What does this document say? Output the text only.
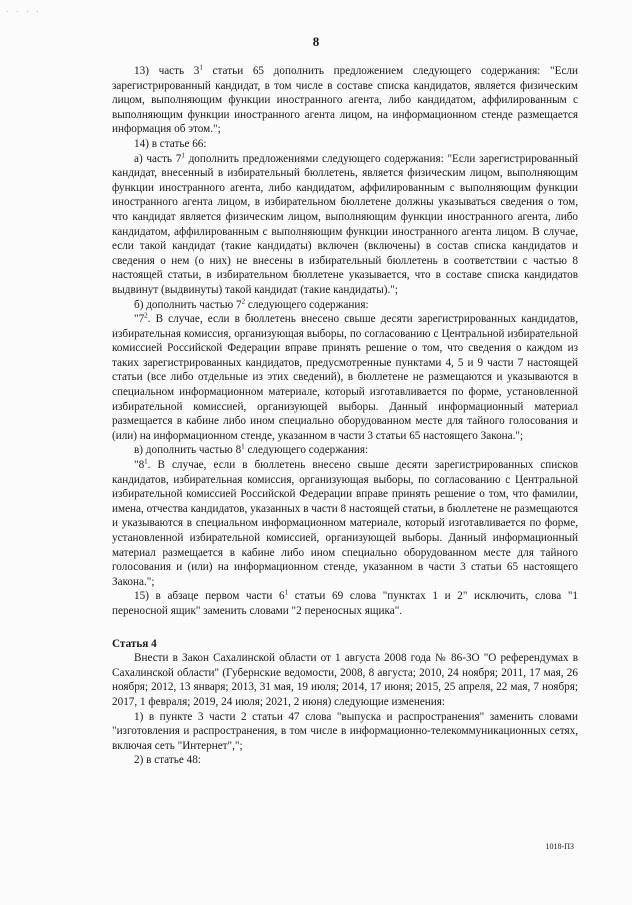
· · · ·
8

13) часть $3^1$ статьи 65 дополнить предложением следующего содержания: "Если зарегистрированный кандидат, в том числе в составе списка кандидатов, является физическим лицом, выполняющим функции иностранного агента, либо кандидатом, аффилированным с выполняющим функции иностранного агента лицом, на информационном стенде размещается информация об этом.";

14) в статье 66:

а) часть $7^1$ дополнить предложениями следующего содержания: "Если зарегистрированный кандидат, внесенный в избирательный бюллетень, является физическим лицом, выполняющим функции иностранного агента, либо кандидатом, аффилированным с выполняющим функции иностранного агента лицом, в избирательном бюллетене должны указываться сведения о том, что кандидат является физическим лицом, выполняющим функции иностранного агента, либо кандидатом, аффилированным с выполняющим функции иностранного агента лицом. В случае, если такой кандидат (такие кандидаты) включен (включены) в состав списка кандидатов и сведения о нем (о них) не внесены в избирательный бюллетень в соответствии с частью 8 настоящей статьи, в избирательном бюллетене указывается, что в составе списка кандидатов выдвинут (выдвинуты) такой кандидат (такие кандидаты).";

б) дополнить частью $7^2$ следующего содержания:

"$7^2$. В случае, если в бюллетень внесено свыше десяти зарегистрированных кандидатов, избирательная комиссия, организующая выборы, по согласованию с Центральной избирательной комиссией Российской Федерации вправе принять решение о том, что сведения о каждом из таких зарегистрированных кандидатов, предусмотренные пунктами 4, 5 и 9 части 7 настоящей статьи (все либо отдельные из этих сведений), в бюллетене не размещаются и указываются в специальном информационном материале, который изготавливается по форме, установленной избирательной комиссией, организующей выборы. Данный информационный материал размещается в кабине либо ином специально оборудованном месте для тайного голосования и (или) на информационном стенде, указанном в части 3 статьи 65 настоящего Закона.";

в) дополнить частью $8^1$ следующего содержания:

"$8^1$. В случае, если в бюллетень внесено свыше десяти зарегистрированных списков кандидатов, избирательная комиссия, организующая выборы, по согласованию с Центральной избирательной комиссией Российской Федерации вправе принять решение о том, что фамилии, имена, отчества кандидатов, указанных в части 8 настоящей статьи, в бюллетене не размещаются и указываются в специальном информационном материале, который изготавливается по форме, установленной избирательной комиссией, организующей выборы. Данный информационный материал размещается в кабине либо ином специально оборудованном месте для тайного голосования и (или) на информационном стенде, указанном в части 3 статьи 65 настоящего Закона.";

15) в абзаце первом части $6^1$ статьи 69 слова "пунктах 1 и 2" исключить, слова "1 переносной ящик" заменить словами "2 переносных ящика".

Статья 4

Внести в Закон Сахалинской области от 1 августа 2008 года № 86-ЗО "О референдумах в Сахалинской области" (Губернские ведомости, 2008, 8 августа; 2010, 24 ноября; 2011, 17 мая, 26 ноября; 2012, 13 января; 2013, 31 мая, 19 июля; 2014, 17 июня; 2015, 25 апреля, 22 мая, 7 ноября; 2017, 1 февраля; 2019, 24 июля; 2021, 2 июня) следующие изменения:

1) в пункте 3 части 2 статьи 47 слова "выпуска и распространения" заменить словами "изготовления и распространения, в том числе в информационно-телекоммуникационных сетях, включая сеть "Интернет",";

2) в статье 48:

1018-ПЗ
